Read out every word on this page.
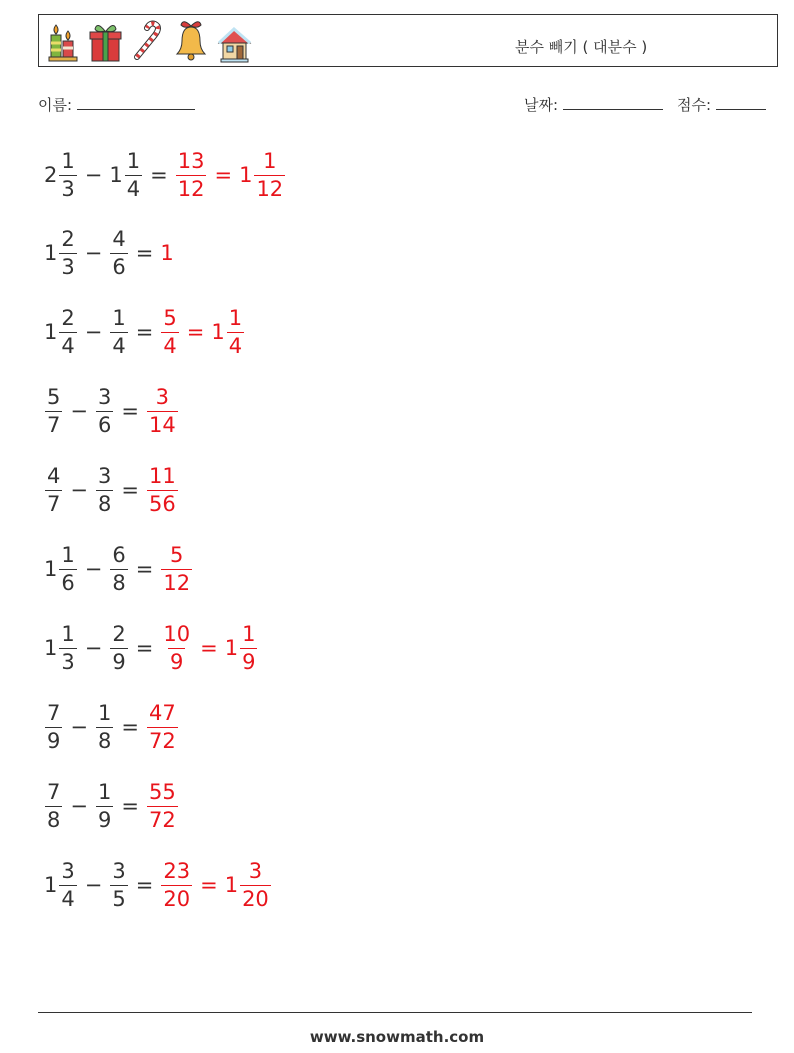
분수 빼기 ( 대분수 )
이름:	날짜:	점수:
$2 \frac{1}{3} - 1 \frac{1}{4} = \frac{13}{12} = 1 \frac{1}{12}$
$1 \frac{2}{3} - \frac{4}{6} = 1$
$1 \frac{2}{4} - \frac{1}{4} = \frac{5}{4} = 1 \frac{1}{4}$
$\frac{5}{7} - \frac{3}{6} = \frac{3}{14}$
$\frac{4}{7} - \frac{3}{8} = \frac{11}{56}$
$1 \frac{1}{6} - \frac{6}{8} = \frac{5}{12}$
$1 \frac{1}{3} - \frac{2}{9} = \frac{10}{9} = 1 \frac{1}{9}$
$\frac{7}{9} - \frac{1}{8} = \frac{47}{72}$
$\frac{7}{8} - \frac{1}{9} = \frac{55}{72}$
$1 \frac{3}{4} - \frac{3}{5} = \frac{23}{20} = 1 \frac{3}{20}$
www.snowmath.com
